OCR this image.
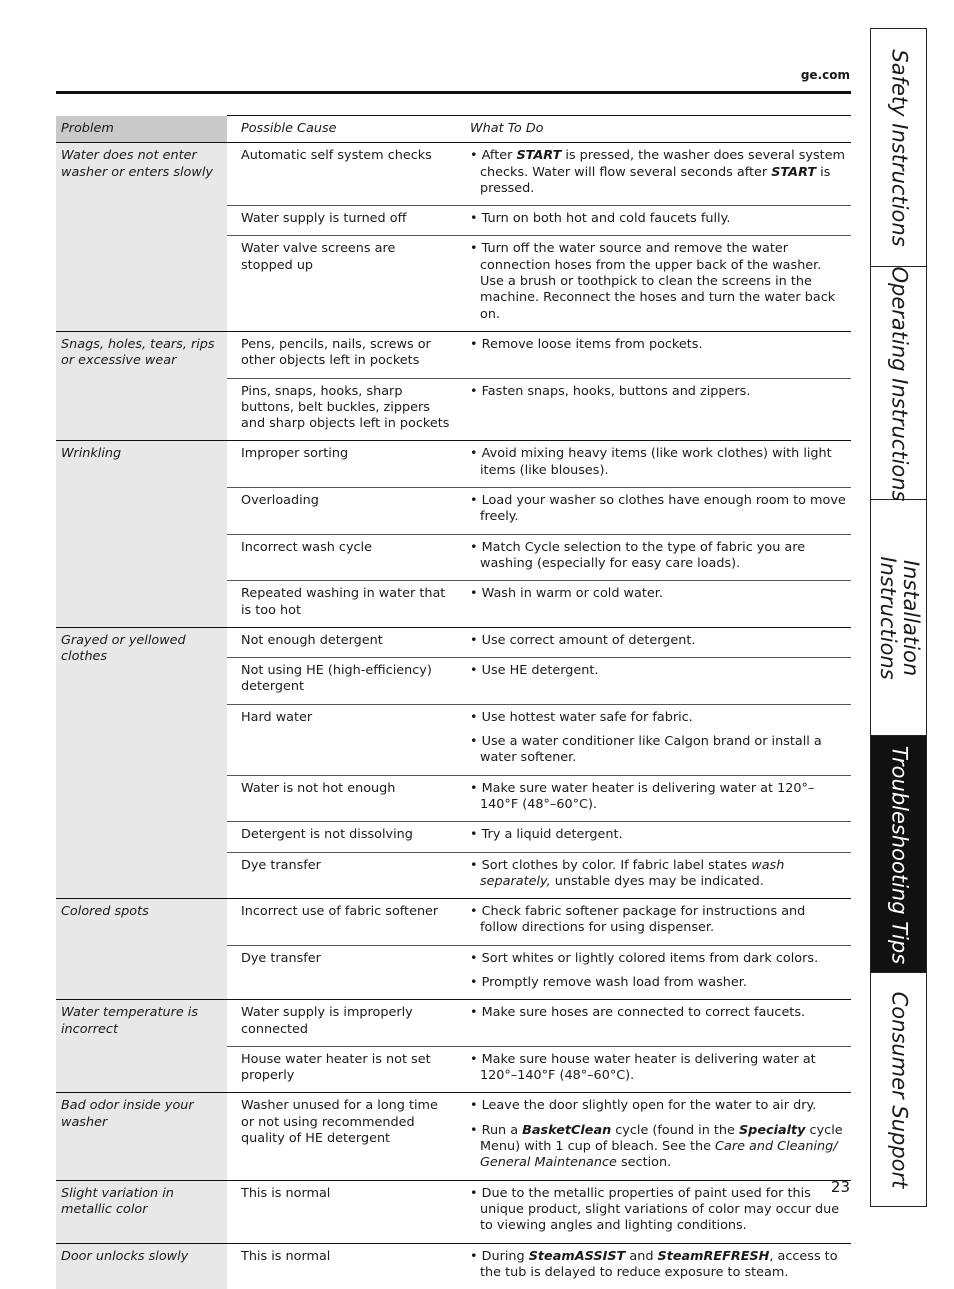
ge.com
Problem	Possible Cause	What To Do
Water does not enter washer or enters slowly	Automatic self system checks	• After START is pressed, the washer does several system checks. Water will flow several seconds after START is pressed.

	Water supply is turned off	• Turn on both hot and cold faucets fully.

	Water valve screens are stopped up	• Turn off the water source and remove the water connection hoses from the upper back of the washer. Use a brush or toothpick to clean the screens in the machine. Reconnect the hoses and turn the water back on.

Snags, holes, tears, rips or excessive wear	Pens, pencils, nails, screws or other objects left in pockets	• Remove loose items from pockets.

	Pins, snaps, hooks, sharp buttons, belt buckles, zippers and sharp objects left in pockets	• Fasten snaps, hooks, buttons and zippers.

Wrinkling	Improper sorting	• Avoid mixing heavy items (like work clothes) with light items (like blouses).

	Overloading	• Load your washer so clothes have enough room to move freely.

	Incorrect wash cycle	• Match Cycle selection to the type of fabric you are washing (especially for easy care loads).

	Repeated washing in water that is too hot	• Wash in warm or cold water.

Grayed or yellowed clothes	Not enough detergent	• Use correct amount of detergent.

	Not using HE (high-efficiency) detergent	• Use HE detergent.

	Hard water	• Use hottest water safe for fabric.
• Use a water conditioner like Calgon brand or install a water softener.

	Water is not hot enough	• Make sure water heater is delivering water at 120°–140°F (48°–60°C).

	Detergent is not dissolving	• Try a liquid detergent.

	Dye transfer	• Sort clothes by color. If fabric label states wash separately, unstable dyes may be indicated.

Colored spots	Incorrect use of fabric softener	• Check fabric softener package for instructions and follow directions for using dispenser.

	Dye transfer	• Sort whites or lightly colored items from dark colors.
• Promptly remove wash load from washer.

Water temperature is incorrect	Water supply is improperly connected	• Make sure hoses are connected to correct faucets.

	House water heater is not set properly	• Make sure house water heater is delivering water at 120°–140°F (48°–60°C).

Bad odor inside your washer	Washer unused for a long time or not using recommended quality of HE detergent	• Leave the door slightly open for the water to air dry.
• Run a BasketClean cycle (found in the Specialty cycle Menu) with 1 cup of bleach. See the Care and Cleaning/ General Maintenance section.

Slight variation in metallic color	This is normal	• Due to the metallic properties of paint used for this unique product, slight variations of color may occur due to viewing angles and lighting conditions.

Door unlocks slowly	This is normal	• During SteamASSIST and SteamREFRESH, access to the tub is delayed to reduce exposure to steam.
23
Safety Instructions
Operating Instructions
Installation
Instructions
Troubleshooting Tips
Consumer Support
